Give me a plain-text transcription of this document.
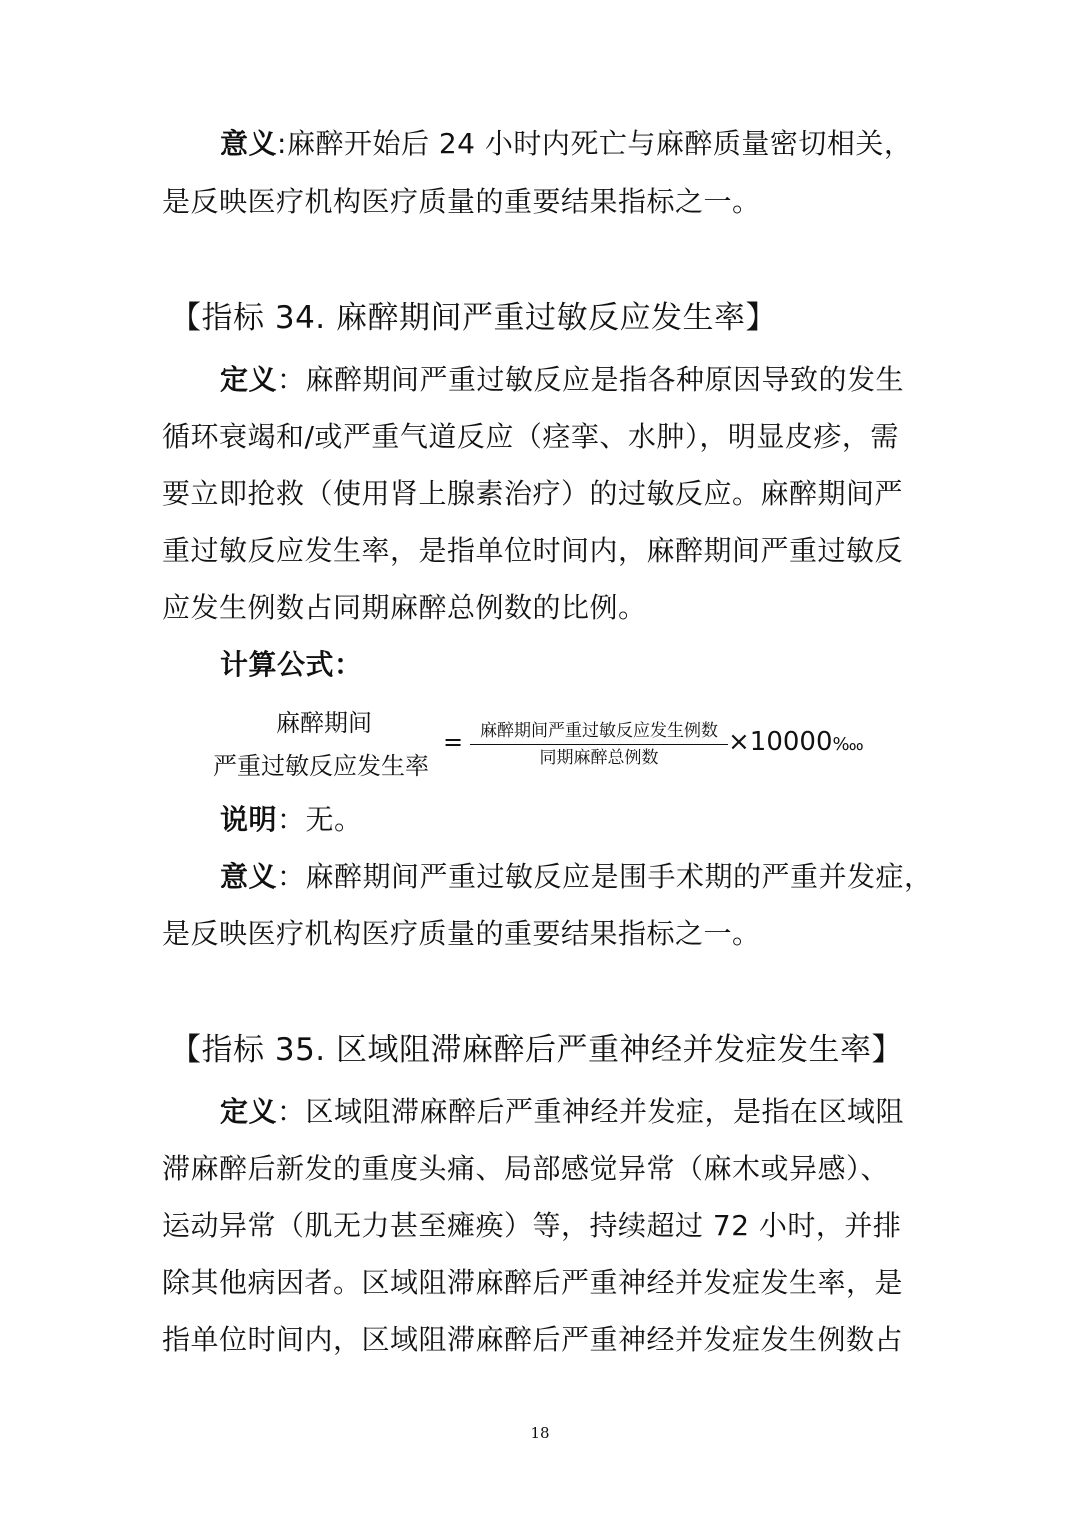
意义:麻醉开始后 24 小时内死亡与麻醉质量密切相关，
是反映医疗机构医疗质量的重要结果指标之一。
【指标 34. 麻醉期间严重过敏反应发生率】
定义：麻醉期间严重过敏反应是指各种原因导致的发生
循环衰竭和/或严重气道反应（痉挛、水肿），明显皮疹，需
要立即抢救（使用肾上腺素治疗）的过敏反应。麻醉期间严
重过敏反应发生率，是指单位时间内，麻醉期间严重过敏反
应发生例数占同期麻醉总例数的比例。
计算公式：
麻醉期间
严重过敏反应发生率
= 麻醉期间严重过敏反应发生例数
同期麻醉总例数
×10000‱
说明：无。
意义：麻醉期间严重过敏反应是围手术期的严重并发症，
是反映医疗机构医疗质量的重要结果指标之一。
【指标 35. 区域阻滞麻醉后严重神经并发症发生率】
定义：区域阻滞麻醉后严重神经并发症，是指在区域阻
滞麻醉后新发的重度头痛、局部感觉异常（麻木或异感）、
运动异常（肌无力甚至瘫痪）等，持续超过 72 小时，并排
除其他病因者。区域阻滞麻醉后严重神经并发症发生率，是
指单位时间内，区域阻滞麻醉后严重神经并发症发生例数占
18
